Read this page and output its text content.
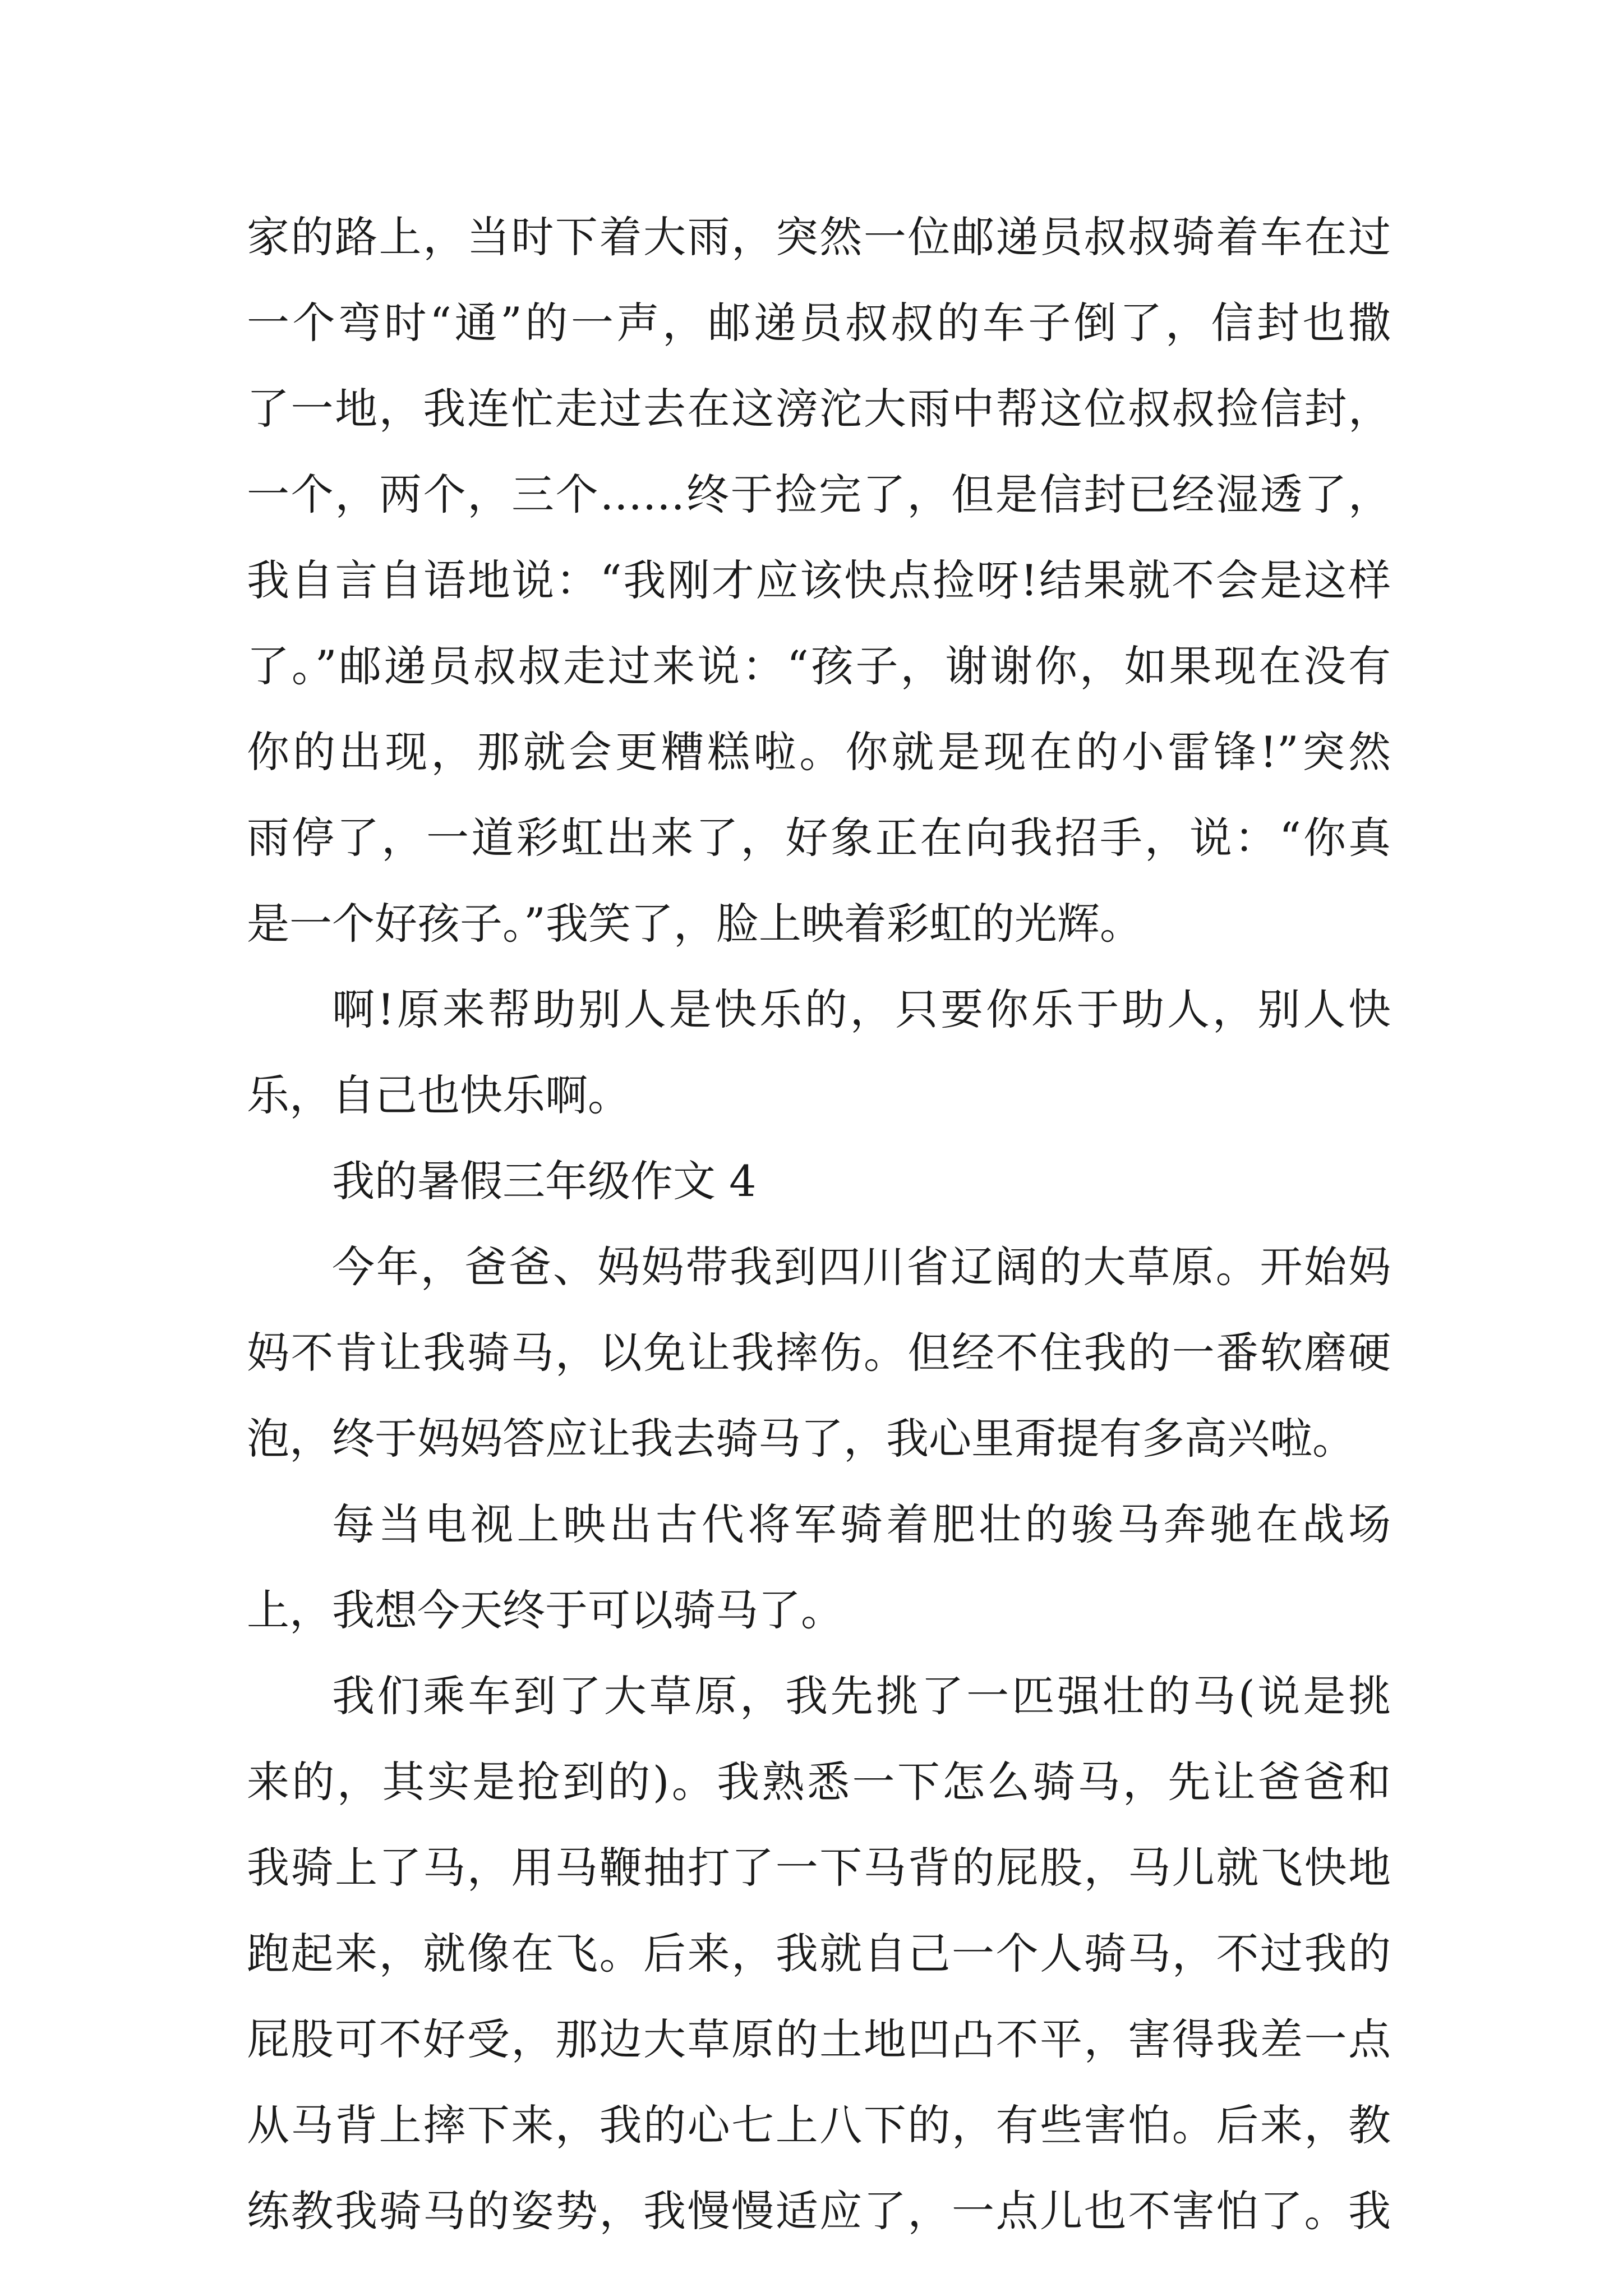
家的路上，当时下着大雨，突然一位邮递员叔叔骑着车在过
一个弯时“通”的一声，邮递员叔叔的车子倒了，信封也撒
了一地，我连忙走过去在这滂沱大雨中帮这位叔叔捡信封，
一个，两个，三个……终于捡完了，但是信封已经湿透了，
我自言自语地说：“我刚才应该快点捡呀!结果就不会是这样
了。”邮递员叔叔走过来说：“孩子，谢谢你，如果现在没有
你的出现，那就会更糟糕啦。你就是现在的小雷锋!”突然
雨停了，一道彩虹出来了，好象正在向我招手，说：“你真
是一个好孩子。”我笑了，脸上映着彩虹的光辉。
啊!原来帮助别人是快乐的，只要你乐于助人，别人快
乐，自己也快乐啊。
我的暑假三年级作文 4
今年，爸爸、妈妈带我到四川省辽阔的大草原。开始妈
妈不肯让我骑马，以免让我摔伤。但经不住我的一番软磨硬
泡，终于妈妈答应让我去骑马了，我心里甭提有多高兴啦。
每当电视上映出古代将军骑着肥壮的骏马奔驰在战场
上，我想今天终于可以骑马了。
我们乘车到了大草原，我先挑了一匹强壮的马(说是挑
来的，其实是抢到的)。我熟悉一下怎么骑马，先让爸爸和
我骑上了马，用马鞭抽打了一下马背的屁股，马儿就飞快地
跑起来，就像在飞。后来，我就自己一个人骑马，不过我的
屁股可不好受，那边大草原的土地凹凸不平，害得我差一点
从马背上摔下来，我的心七上八下的，有些害怕。后来，教
练教我骑马的姿势，我慢慢适应了，一点儿也不害怕了。我
